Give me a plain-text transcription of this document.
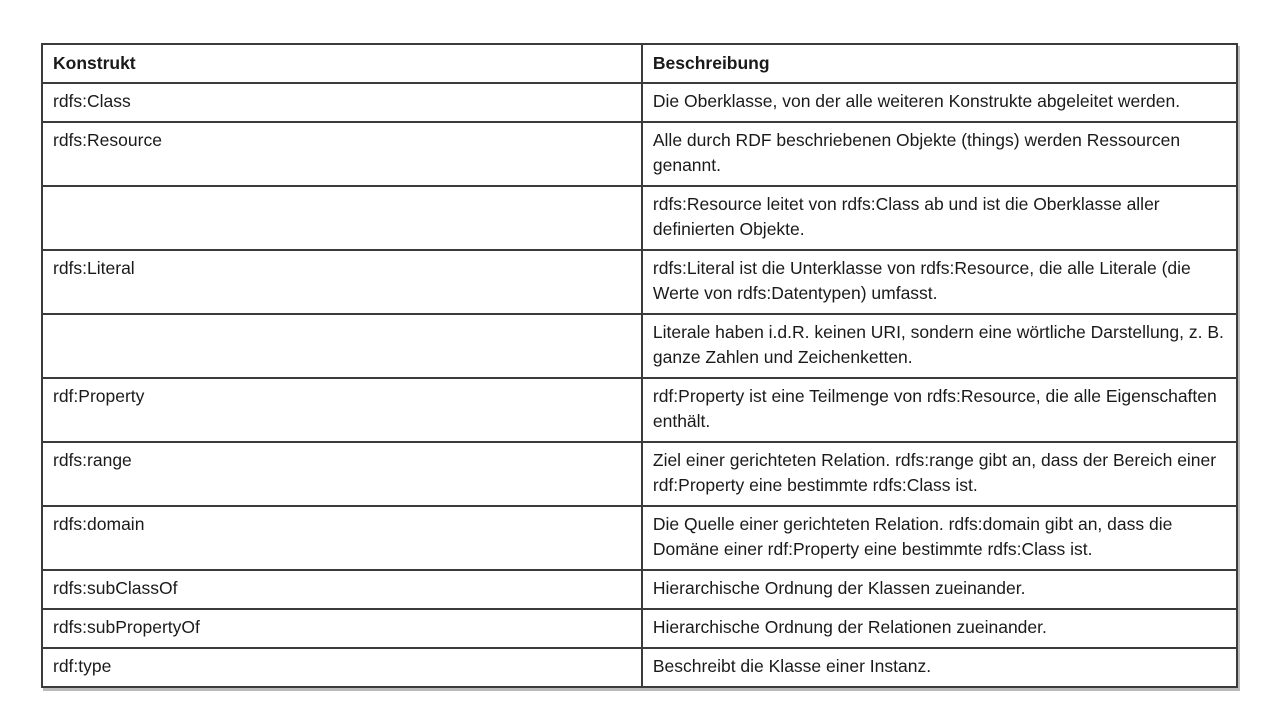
Konstrukt	Beschreibung
rdfs:Class	Die Oberklasse, von der alle weiteren Konstrukte abgeleitet werden.
rdfs:Resource	Alle durch RDF beschriebenen Objekte (things) werden Ressourcen genannt.
	rdfs:Resource leitet von rdfs:Class ab und ist die Oberklasse aller definierten Objekte.
rdfs:Literal	rdfs:Literal ist die Unterklasse von rdfs:Resource, die alle Literale (die Werte von rdfs:Datentypen) umfasst.
	Literale haben i.d.R. keinen URI, sondern eine wörtliche Darstellung, z. B. ganze Zahlen und Zeichenketten.
rdf:Property	rdf:Property ist eine Teilmenge von rdfs:Resource, die alle Eigenschaften enthält.
rdfs:range	Ziel einer gerichteten Relation. rdfs:range gibt an, dass der Bereich einer rdf:Property eine bestimmte rdfs:Class ist.
rdfs:domain	Die Quelle einer gerichteten Relation. rdfs:domain gibt an, dass die Domäne einer rdf:Property eine bestimmte rdfs:Class ist.
rdfs:subClassOf	Hierarchische Ordnung der Klassen zueinander.
rdfs:subPropertyOf	Hierarchische Ordnung der Relationen zueinander.
rdf:type	Beschreibt die Klasse einer Instanz.
